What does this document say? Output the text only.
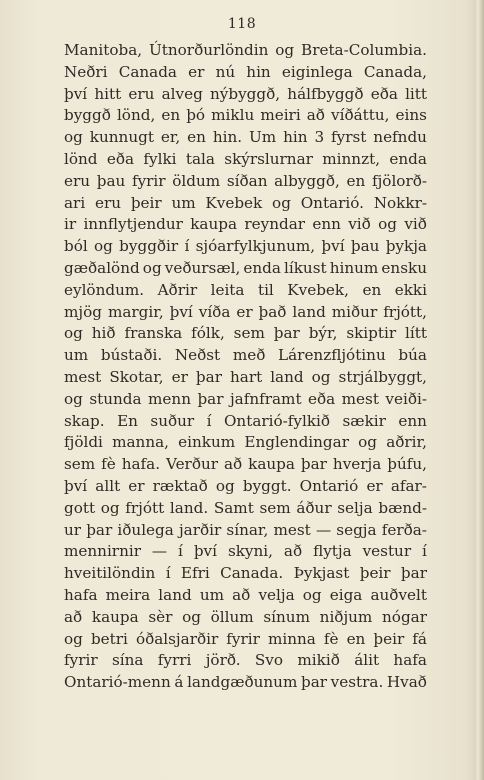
118
Manitoba, Útnorðurlöndin og Breta-Columbia.
Neðri Canada er nú hin eiginlega Canada,
því hitt eru alveg nýbyggð, hálfbyggð eða litt
byggð lönd, en þó miklu meiri að víðáttu, eins
og kunnugt er, en hin. Um hin 3 fyrst nefndu
lönd eða fylki tala skýrslurnar minnzt, enda
eru þau fyrir öldum síðan albyggð, en fjölorð-
ari eru þeir um Kvebek og Ontarió. Nokkr-
ir innflytjendur kaupa reyndar enn við og við
ból og byggðir í sjóarfylkjunum, því þau þykja
gæðalönd og veðursæl, enda líkust hinum ensku
eylöndum. Aðrir leita til Kvebek, en ekki
mjög margir, því víða er það land miður frjótt,
og hið franska fólk, sem þar býr, skiptir lítt
um bústaði. Neðst með Lárenzfljótinu búa
mest Skotar, er þar hart land og strjálbyggt,
og stunda menn þar jafnframt eða mest veiði-
skap. En suður í Ontarió-fylkið sækir enn
fjöldi manna, einkum Englendingar og aðrir,
sem fè hafa. Verður að kaupa þar hverja þúfu,
því allt er ræktað og byggt. Ontarió er afar-
gott og frjótt land. Samt sem áður selja bænd-
ur þar iðulega jarðir sínar, mest — segja ferða-
mennirnir — í því skyni, að flytja vestur í
hveitilöndin í Efri Canada. Þykjast þeir þar
hafa meira land um að velja og eiga auðvelt
að kaupa sèr og öllum sínum niðjum nógar
og betri óðalsjarðir fyrir minna fè en þeir fá
fyrir sína fyrri jörð. Svo mikið álit hafa
Ontarió-menn á landgæðunum þar vestra. Hvað
